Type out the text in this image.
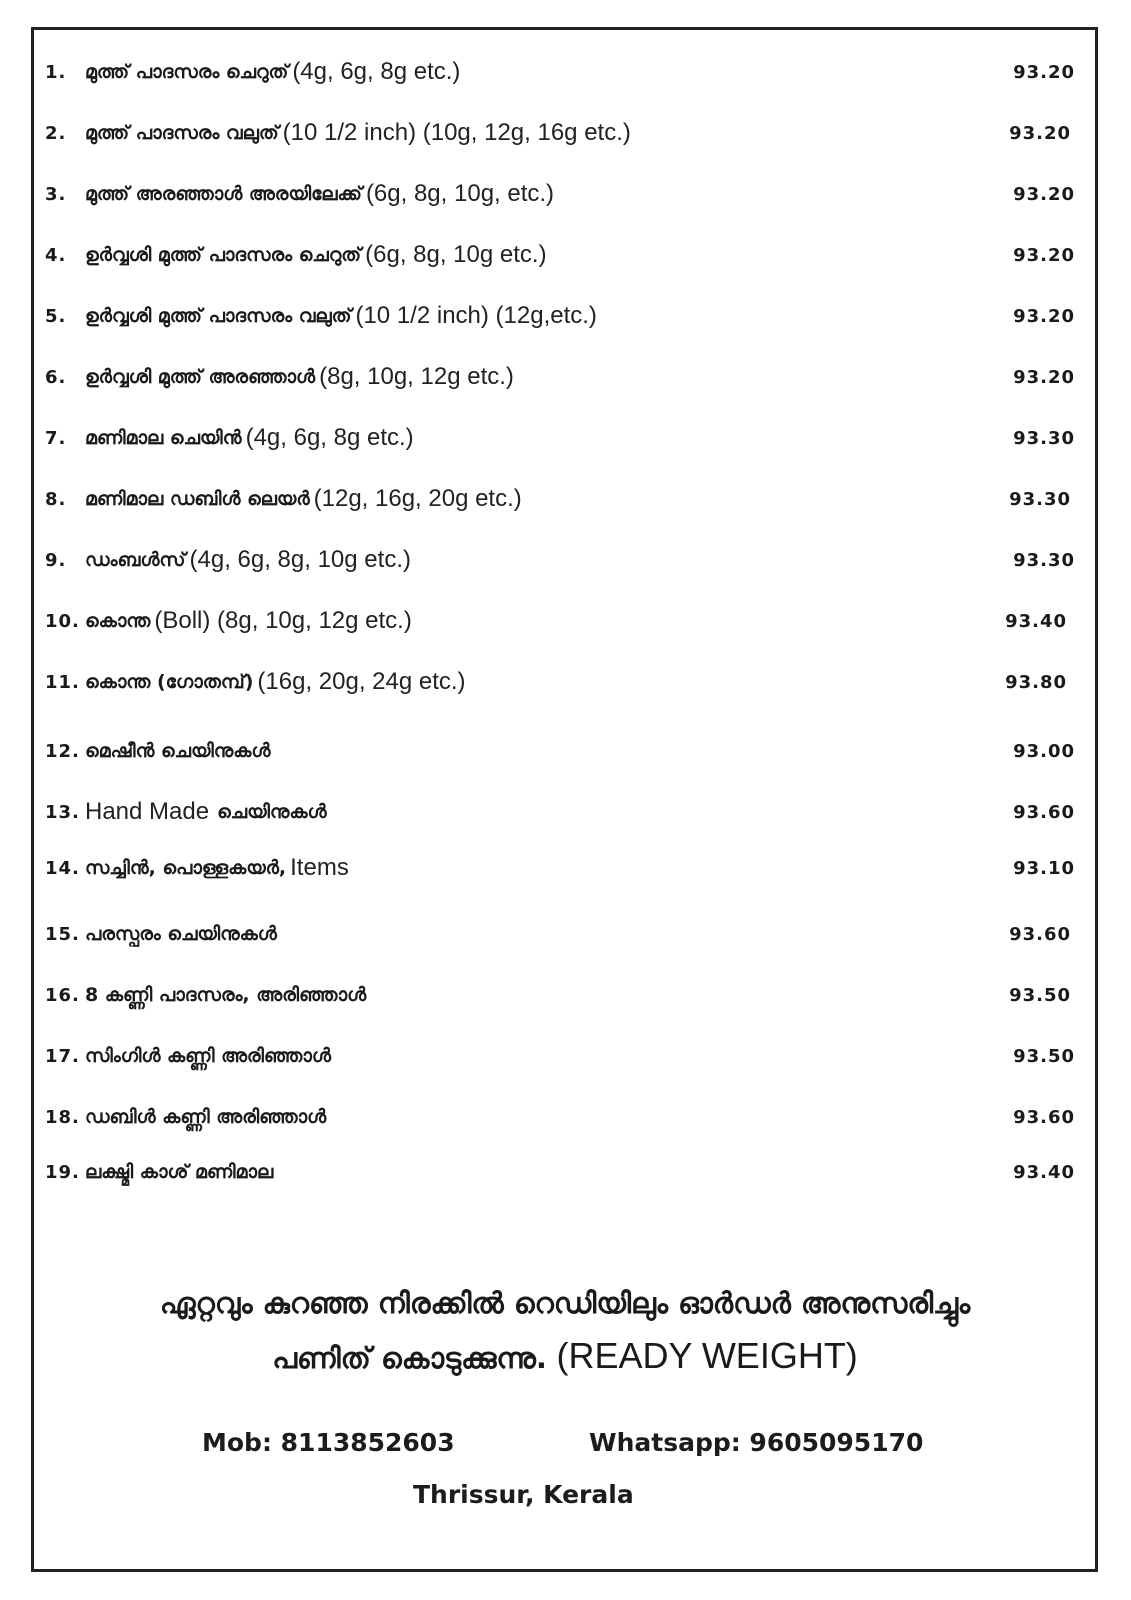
1. മുത്ത് പാദസരം ചെറുത് (4g, 6g, 8g etc.)	93.20
2. മുത്ത് പാദസരം വലുത് (10 1/2 inch) (10g, 12g, 16g etc.)	93.20
3. മുത്ത് അരഞ്ഞാൾ അരയിലേക്ക് (6g, 8g, 10g, etc.)	93.20
4. ഉർവ്വശി മുത്ത് പാദസരം ചെറുത് (6g, 8g, 10g etc.)	93.20
5. ഉർവ്വശി മുത്ത് പാദസരം വലുത് (10 1/2 inch) (12g,etc.)	93.20
6. ഉർവ്വശി മുത്ത് അരഞ്ഞാൾ (8g, 10g, 12g etc.)	93.20
7. മണിമാല ചെയിൻ (4g, 6g, 8g etc.)	93.30
8. മണിമാല ഡബിൾ ലെയർ (12g, 16g, 20g etc.)	93.30
9. ഡംബൾസ് (4g, 6g, 8g, 10g etc.)	93.30
10. കൊന്ത (Boll) (8g, 10g, 12g etc.)	93.40
11. കൊന്ത (ഗോതമ്പ്) (16g, 20g, 24g etc.)	93.80
12. മെഷീൻ ചെയിനുകൾ	93.00
13. Hand Made ചെയിനുകൾ	93.60
14. സച്ചിൻ, പൊള്ളകയർ, Items	93.10
15. പരസ്പരം ചെയിനുകൾ	93.60
16. 8 കണ്ണി പാദസരം, അരിഞ്ഞാൾ	93.50
17. സിംഗിൾ കണ്ണി അരിഞ്ഞാൾ	93.50
18. ഡബിൾ കണ്ണി അരിഞ്ഞാൾ	93.60
19. ലക്ഷ്മി കാശ് മണിമാല	93.40
ഏറ്റവും കുറഞ്ഞ നിരക്കിൽ റെഡിയിലും ഓർഡർ അനുസരിച്ചും
പണിത് കൊടുക്കുന്നു. (READY WEIGHT)
Mob: 8113852603	Whatsapp: 9605095170
Thrissur, Kerala
